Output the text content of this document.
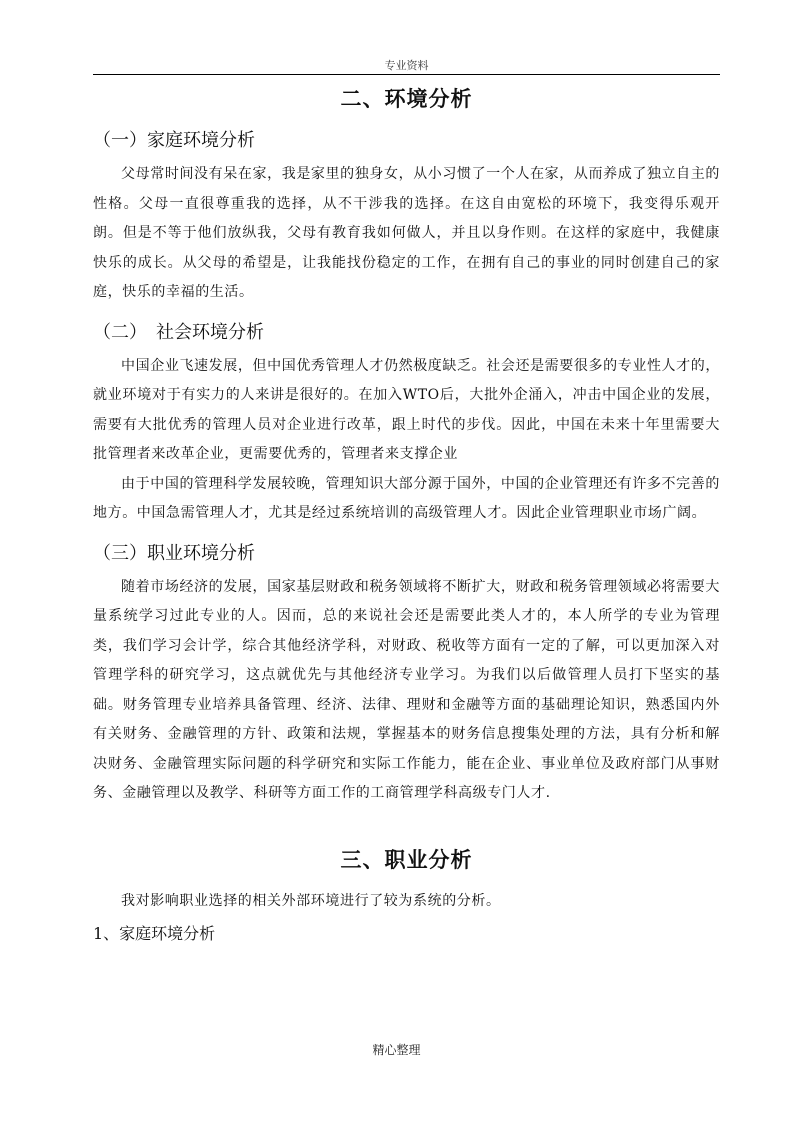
专业资料
二、环境分析
（一）家庭环境分析

父母常时间没有呆在家，我是家里的独身女，从小习惯了一个人在家，从而养成了独立自主的性格。父母一直很尊重我的选择，从不干涉我的选择。在这自由宽松的环境下，我变得乐观开朗。但是不等于他们放纵我，父母有教育我如何做人，并且以身作则。在这样的家庭中，我健康快乐的成长。从父母的希望是，让我能找份稳定的工作，在拥有自己的事业的同时创建自己的家庭，快乐的幸福的生活。

（二）　社会环境分析

中国企业飞速发展，但中国优秀管理人才仍然极度缺乏。社会还是需要很多的专业性人才的，就业环境对于有实力的人来讲是很好的。在加入WTO后，大批外企涌入，冲击中国企业的发展，需要有大批优秀的管理人员对企业进行改革，跟上时代的步伐。因此，中国在未来十年里需要大批管理者来改革企业，更需要优秀的，管理者来支撑企业

由于中国的管理科学发展较晚，管理知识大部分源于国外，中国的企业管理还有许多不完善的地方。中国急需管理人才，尤其是经过系统培训的高级管理人才。因此企业管理职业市场广阔。

（三）职业环境分析

随着市场经济的发展，国家基层财政和税务领域将不断扩大，财政和税务管理领域必将需要大量系统学习过此专业的人。因而，总的来说社会还是需要此类人才的，本人所学的专业为管理类，我们学习会计学，综合其他经济学科，对财政、税收等方面有一定的了解，可以更加深入对管理学科的研究学习，这点就优先与其他经济专业学习。为我们以后做管理人员打下坚实的基础。财务管理专业培养具备管理、经济、法律、理财和金融等方面的基础理论知识，熟悉国内外有关财务、金融管理的方针、政策和法规，掌握基本的财务信息搜集处理的方法，具有分析和解决财务、金融管理实际问题的科学研究和实际工作能力，能在企业、事业单位及政府部门从事财务、金融管理以及教学、科研等方面工作的工商管理学科高级专门人才.

三、职业分析

我对影响职业选择的相关外部环境进行了较为系统的分析。

1、家庭环境分析
精心整理
